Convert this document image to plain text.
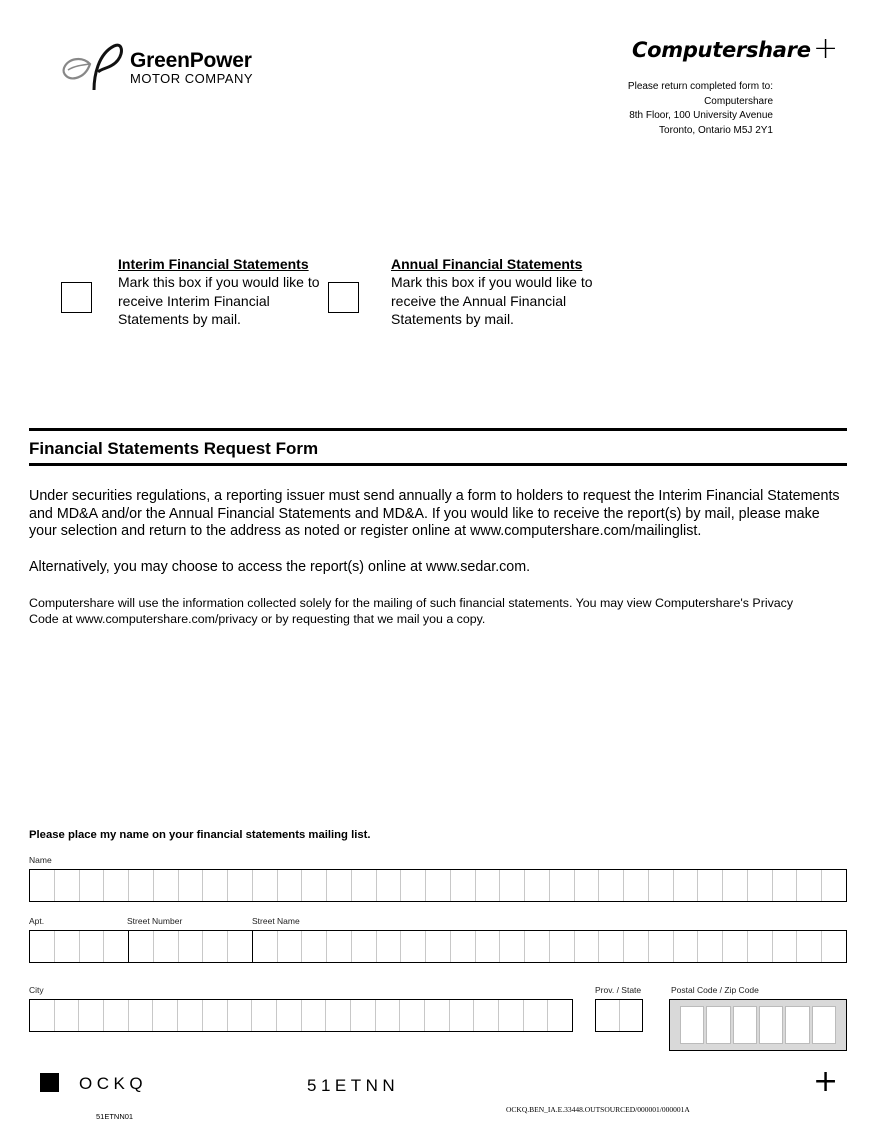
GreenPower
MOTOR COMPANY
Computershare +
Please return completed form to:
Computershare
8th Floor, 100 University Avenue
Toronto, Ontario M5J 2Y1
Interim Financial Statements
Mark this box if you would like to
receive Interim Financial
Statements by mail.
Annual Financial Statements
Mark this box if you would like to
receive the Annual Financial
Statements by mail.
Financial Statements Request Form
Under securities regulations, a reporting issuer must send annually a form to holders to request the Interim Financial Statements
and MD&A and/or the Annual Financial Statements and MD&A. If you would like to receive the report(s) by mail, please make
your selection and return to the address as noted or register online at www.computershare.com/mailinglist.
Alternatively, you may choose to access the report(s) online at www.sedar.com.
Computershare will use the information collected solely for the mailing of such financial statements. You may view Computershare's Privacy
Code at www.computershare.com/privacy or by requesting that we mail you a copy.
Please place my name on your financial statements mailing list.
Name
Apt.	Street Number	Street Name
City	Prov. / State	Postal Code / Zip Code
OCKQ	51ETNN	+
51ETNN01
OCKQ.BEN_IA.E.33448.OUTSOURCED/000001/000001A
